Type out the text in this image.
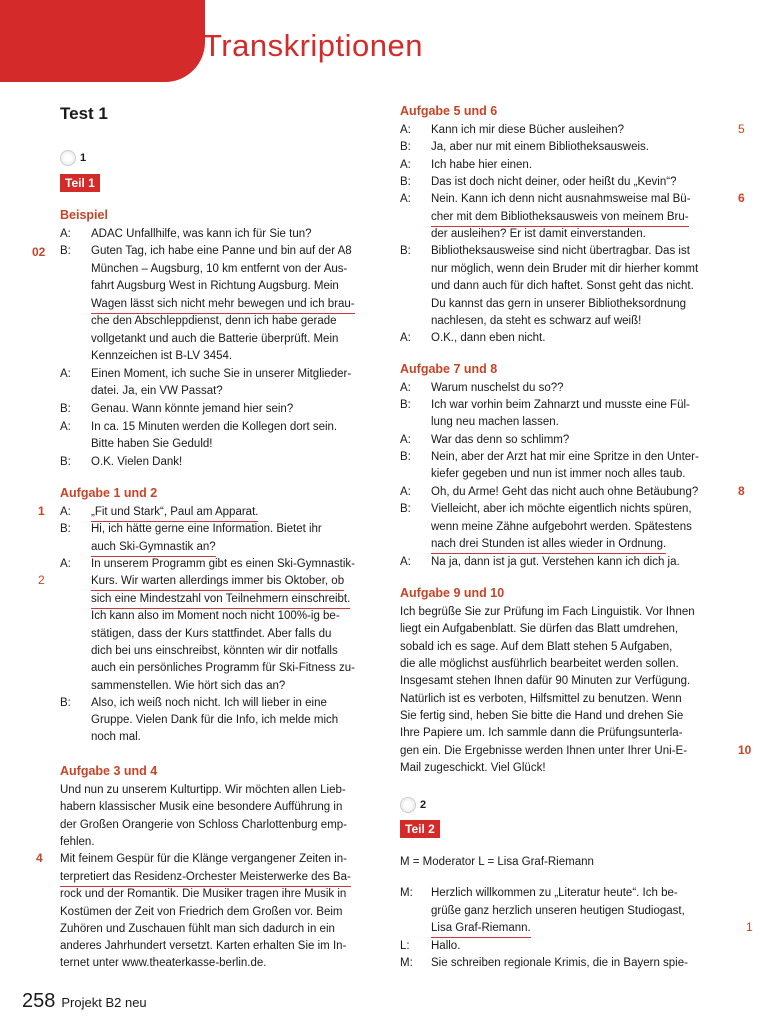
Transkriptionen
Test 1
1
Teil 1
Beispiel
02
A:
B:
A:
B:
A:
B:
ADAC Unfallhilfe, was kann ich für Sie tun?
Guten Tag, ich habe eine Panne und bin auf der A8
München – Augsburg, 10 km entfernt von der Aus-
fahrt Augsburg West in Richtung Augsburg. Mein
Wagen lässt sich nicht mehr bewegen und ich brau-
che den Abschleppdienst, denn ich habe gerade
vollgetankt und auch die Batterie überprüft. Mein
Kennzeichen ist B-LV 3454.
Einen Moment, ich suche Sie in unserer Mitglieder-
datei. Ja, ein VW Passat?
Genau. Wann könnte jemand hier sein?
In ca. 15 Minuten werden die Kollegen dort sein.
Bitte haben Sie Geduld!
O.K. Vielen Dank!
Aufgabe 1 und 2
1
2
A:
B:
A:
B:
„Fit und Stark“, Paul am Apparat.
Hi, ich hätte gerne eine Information. Bietet ihr
auch Ski-Gymnastik an?
In unserem Programm gibt es einen Ski-Gymnastik-
Kurs. Wir warten allerdings immer bis Oktober, ob
sich eine Mindestzahl von Teilnehmern einschreibt.
Ich kann also im Moment noch nicht 100%-ig be-
stätigen, dass der Kurs stattfindet. Aber falls du
dich bei uns einschreibst, könnten wir dir notfalls
auch ein persönliches Programm für Ski-Fitness zu-
sammenstellen. Wie hört sich das an?
Also, ich weiß noch nicht. Ich will lieber in eine
Gruppe. Vielen Dank für die Info, ich melde mich
noch mal.
Aufgabe 3 und 4
Und nun zu unserem Kulturtipp. Wir möchten allen Lieb-
habern klassischer Musik eine besondere Aufführung in
der Großen Orangerie von Schloss Charlottenburg emp-
fehlen.
4 Mit feinem Gespür für die Klänge vergangener Zeiten in-
terpretiert das Residenz-Orchester Meisterwerke des Ba-
rock und der Romantik. Die Musiker tragen ihre Musik in
Kostümen der Zeit von Friedrich dem Großen vor. Beim
Zuhören und Zuschauen fühlt man sich dadurch in ein
anderes Jahrhundert versetzt. Karten erhalten Sie im In-
ternet unter www.theaterkasse-berlin.de.
Aufgabe 5 und 6
5
6
A:
B:
A:
B:
A:
B:
A:
Kann ich mir diese Bücher ausleihen?
Ja, aber nur mit einem Bibliotheksausweis.
Ich habe hier einen.
Das ist doch nicht deiner, oder heißt du „Kevin“?
Nein. Kann ich denn nicht ausnahmsweise mal Bü-
cher mit dem Bibliotheksausweis von meinem Bru-
der ausleihen? Er ist damit einverstanden.
Bibliotheksausweise sind nicht übertragbar. Das ist
nur möglich, wenn dein Bruder mit dir hierher kommt
und dann auch für dich haftet. Sonst geht das nicht.
Du kannst das gern in unserer Bibliotheksordnung
nachlesen, da steht es schwarz auf weiß!
O.K., dann eben nicht.
Aufgabe 7 und 8
A:
B:
A:
B:
A:
B:
A:
8
Warum nuschelst du so??
Ich war vorhin beim Zahnarzt und musste eine Fül-
lung neu machen lassen.
War das denn so schlimm?
Nein, aber der Arzt hat mir eine Spritze in den Unter-
kiefer gegeben und nun ist immer noch alles taub.
Oh, du Arme! Geht das nicht auch ohne Betäubung?
Vielleicht, aber ich möchte eigentlich nichts spüren,
wenn meine Zähne aufgebohrt werden. Spätestens
nach drei Stunden ist alles wieder in Ordnung.
Na ja, dann ist ja gut. Verstehen kann ich dich ja.
Aufgabe 9 und 10
Ich begrüße Sie zur Prüfung im Fach Linguistik. Vor Ihnen
liegt ein Aufgabenblatt. Sie dürfen das Blatt umdrehen,
sobald ich es sage. Auf dem Blatt stehen 5 Aufgaben,
die alle möglichst ausführlich bearbeitet werden sollen.
Insgesamt stehen Ihnen dafür 90 Minuten zur Verfügung.
Natürlich ist es verboten, Hilfsmittel zu benutzen. Wenn
Sie fertig sind, heben Sie bitte die Hand und drehen Sie
Ihre Papiere um. Ich sammle dann die Prüfungsunterla-
gen ein. Die Ergebnisse werden Ihnen unter Ihrer Uni-E-
Mail zugeschickt. Viel Glück!
10
2
Teil 2
M = Moderator L = Lisa Graf-Riemann
M:
L:
M:
Herzlich willkommen zu „Literatur heute“. Ich be-
grüße ganz herzlich unseren heutigen Studiogast,
Lisa Graf-Riemann.
Hallo.
Sie schreiben regionale Krimis, die in Bayern spie-
1
258 Projekt B2 neu
